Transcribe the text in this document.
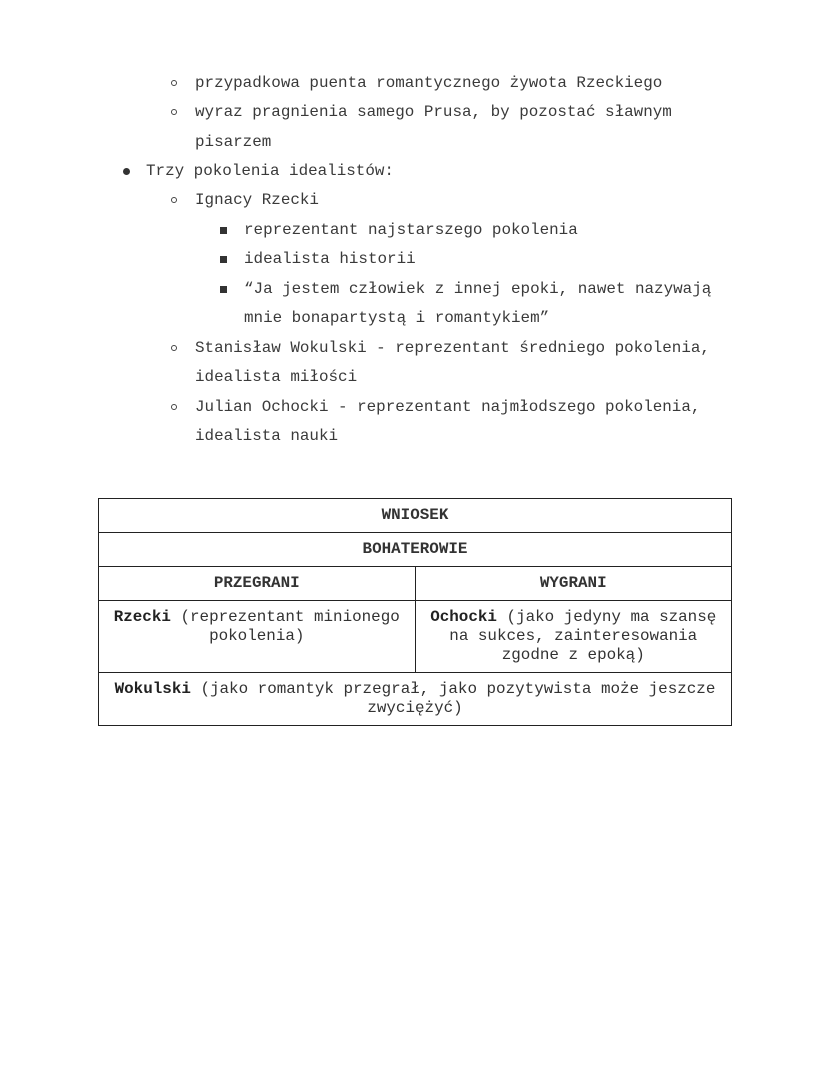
przypadkowa puenta romantycznego żywota Rzeckiego
wyraz pragnienia samego Prusa, by pozostać sławnym
pisarzem
Trzy pokolenia idealistów:
Ignacy Rzecki
reprezentant najstarszego pokolenia
idealista historii
“Ja jestem człowiek z innej epoki, nawet nazywają
mnie bonapartystą i romantykiem”
Stanisław Wokulski - reprezentant średniego pokolenia,
idealista miłości
Julian Ochocki - reprezentant najmłodszego pokolenia,
idealista nauki
WNIOSEK	
BOHATEROWIE	
PRZEGRANI	WYGRANI
Rzecki (reprezentant minionego pokolenia)	Ochocki (jako jedyny ma szansę na sukces, zainteresowania zgodne z epoką)
Wokulski (jako romantyk przegrał, jako pozytywista może jeszcze zwyciężyć)	
